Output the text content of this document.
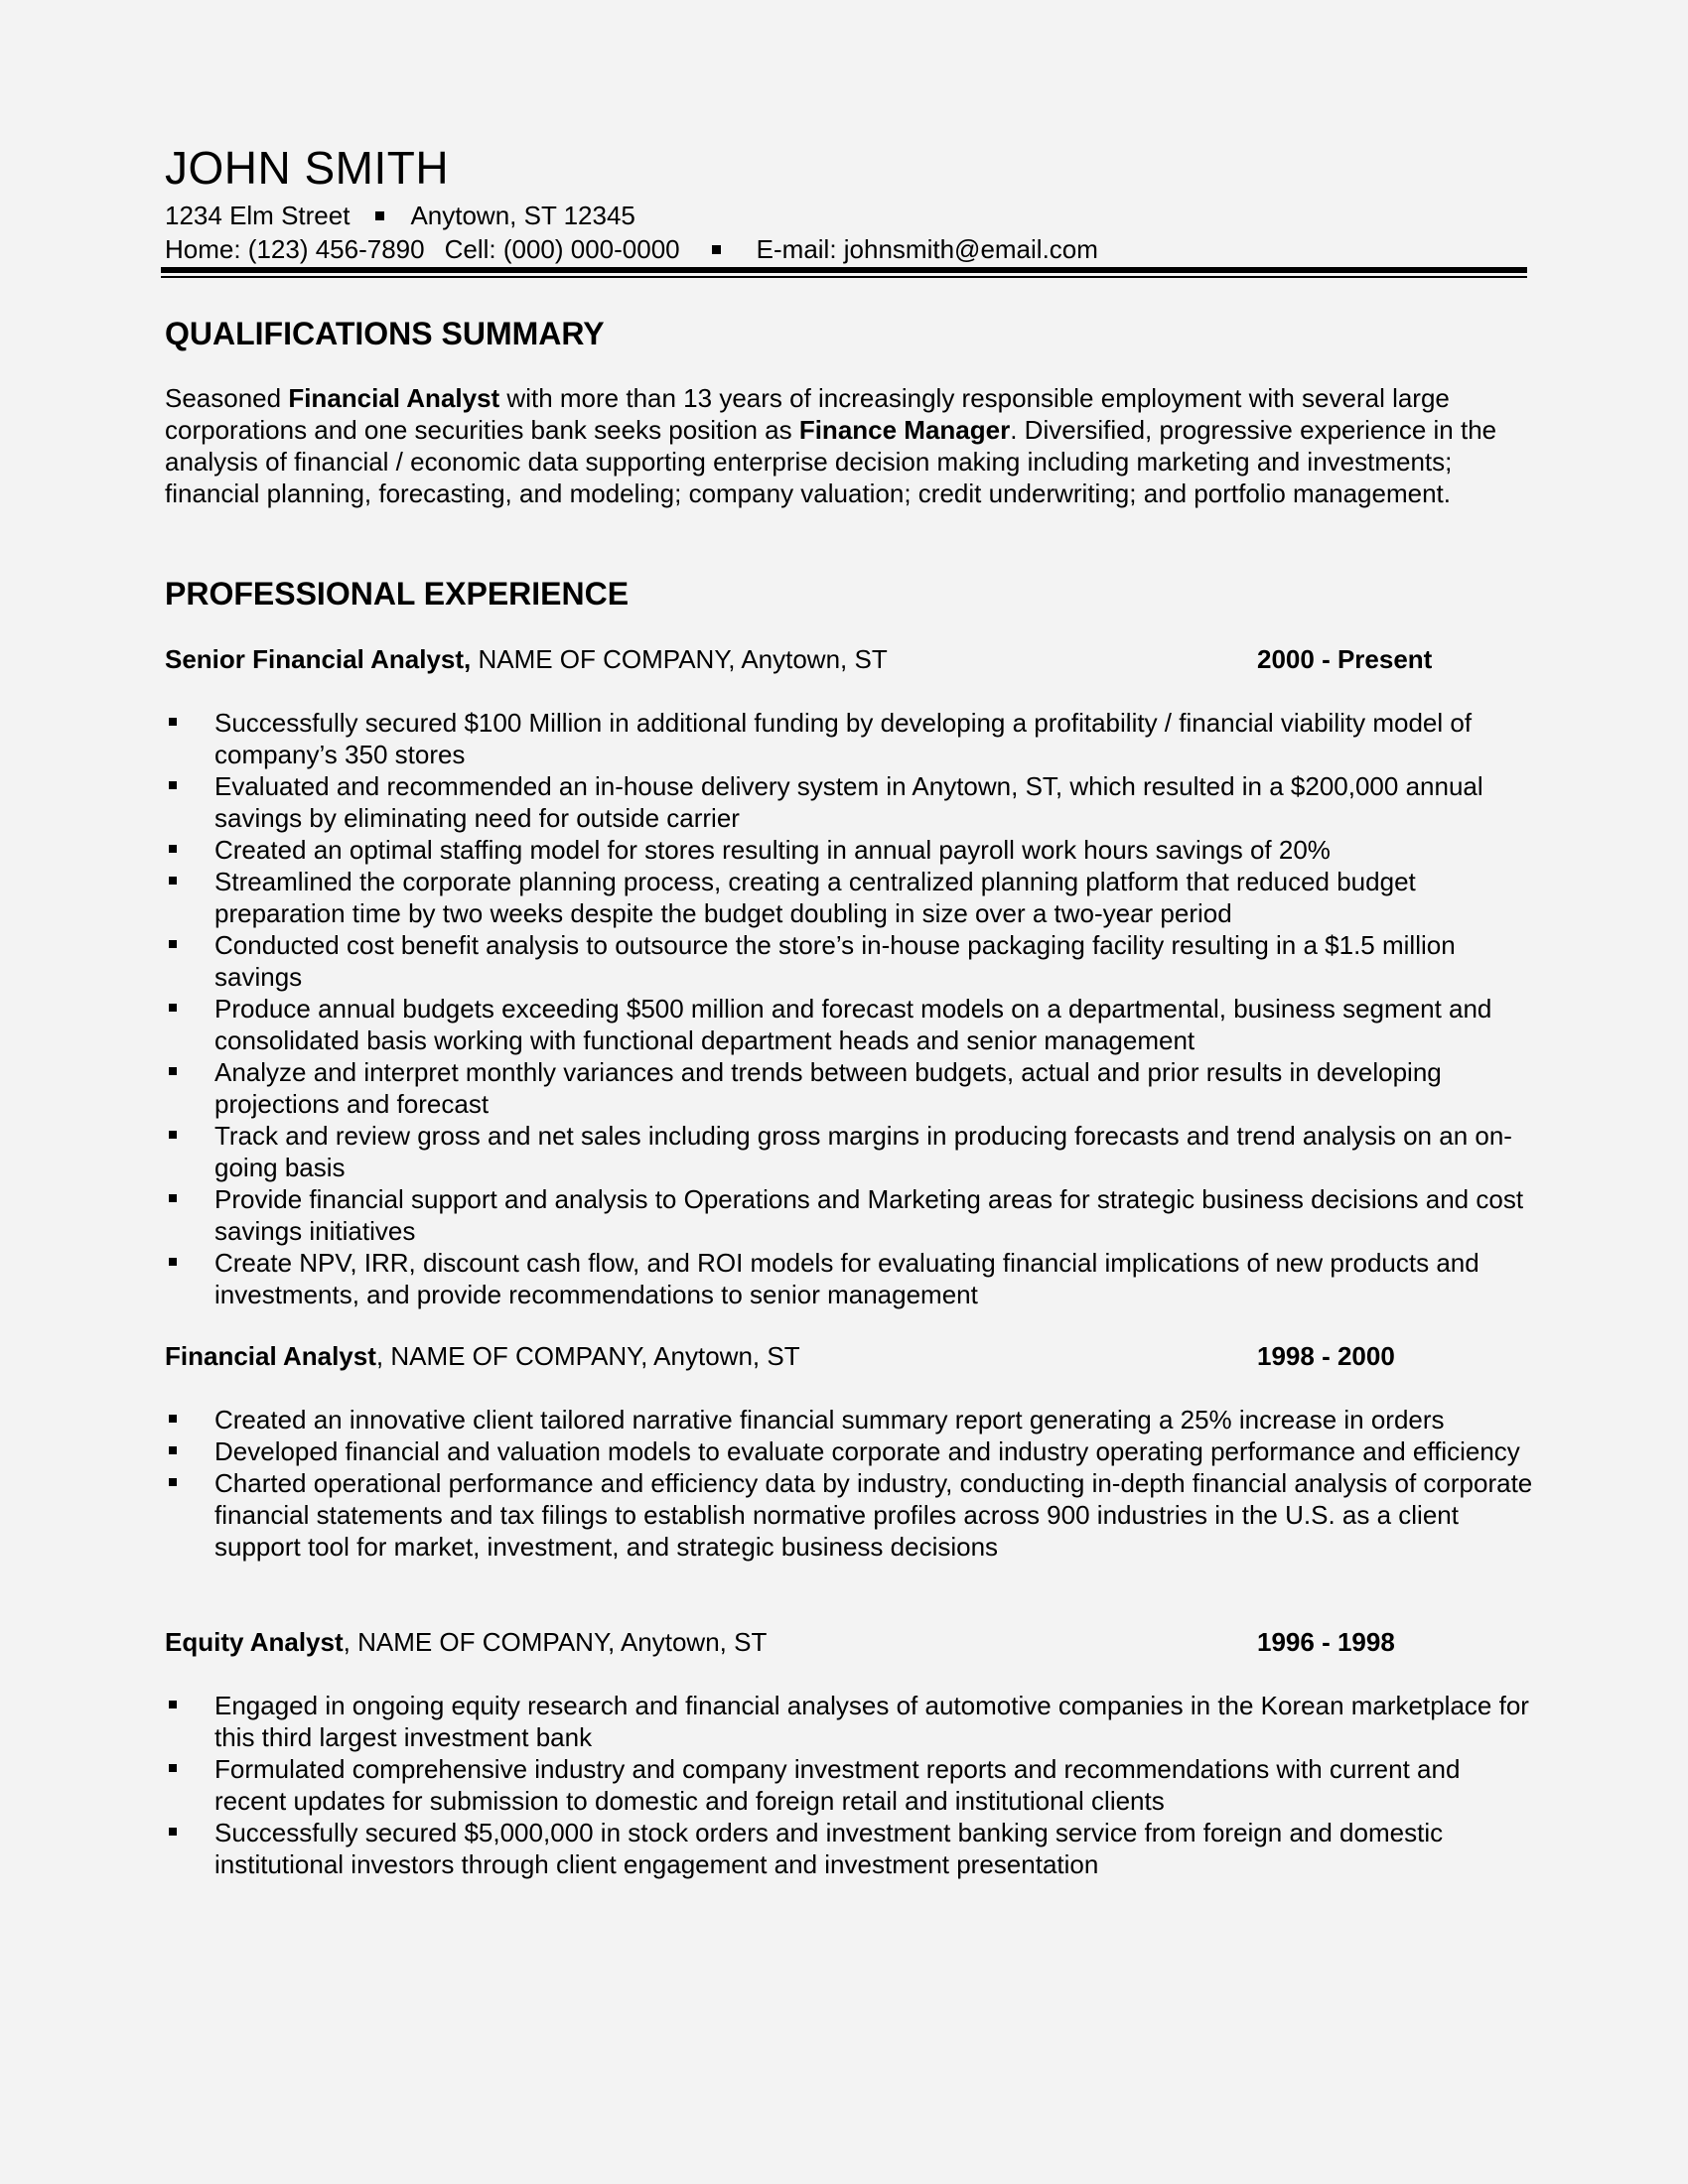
JOHN SMITH
1234 Elm Street Anytown, ST 12345
Home: (123) 456-7890 Cell: (000) 000-0000	E-mail: johnsmith@email.com
QUALIFICATIONS SUMMARY
Seasoned Financial Analyst with more than 13 years of increasingly responsible employment with several large corporations and one securities bank seeks position as Finance Manager. Diversified, progressive experience in the analysis of financial / economic data supporting enterprise decision making including marketing and investments; financial planning, forecasting, and modeling; company valuation; credit underwriting; and portfolio management.
PROFESSIONAL EXPERIENCE
Senior Financial Analyst, NAME OF COMPANY, Anytown, ST	2000 - Present
Successfully secured $100 Million in additional funding by developing a profitability / financial viability model of company’s 350 stores
Evaluated and recommended an in-house delivery system in Anytown, ST, which resulted in a $200,000 annual savings by eliminating need for outside carrier
Created an optimal staffing model for stores resulting in annual payroll work hours savings of 20%
Streamlined the corporate planning process, creating a centralized planning platform that reduced budget preparation time by two weeks despite the budget doubling in size over a two-year period
Conducted cost benefit analysis to outsource the store’s in-house packaging facility resulting in a $1.5 million savings
Produce annual budgets exceeding $500 million and forecast models on a departmental, business segment and consolidated basis working with functional department heads and senior management
Analyze and interpret monthly variances and trends between budgets, actual and prior results in developing projections and forecast
Track and review gross and net sales including gross margins in producing forecasts and trend analysis on an on-going basis
Provide financial support and analysis to Operations and Marketing areas for strategic business decisions and cost savings initiatives
Create NPV, IRR, discount cash flow, and ROI models for evaluating financial implications of new products and investments, and provide recommendations to senior management
Financial Analyst, NAME OF COMPANY, Anytown, ST	1998 - 2000
Created an innovative client tailored narrative financial summary report generating a 25% increase in orders
Developed financial and valuation models to evaluate corporate and industry operating performance and efficiency
Charted operational performance and efficiency data by industry, conducting in-depth financial analysis of corporate financial statements and tax filings to establish normative profiles across 900 industries in the U.S. as a client support tool for market, investment, and strategic business decisions
Equity Analyst, NAME OF COMPANY, Anytown, ST	1996 - 1998
Engaged in ongoing equity research and financial analyses of automotive companies in the Korean marketplace for this third largest investment bank
Formulated comprehensive industry and company investment reports and recommendations with current and recent updates for submission to domestic and foreign retail and institutional clients
Successfully secured $5,000,000 in stock orders and investment banking service from foreign and domestic institutional investors through client engagement and investment presentation
